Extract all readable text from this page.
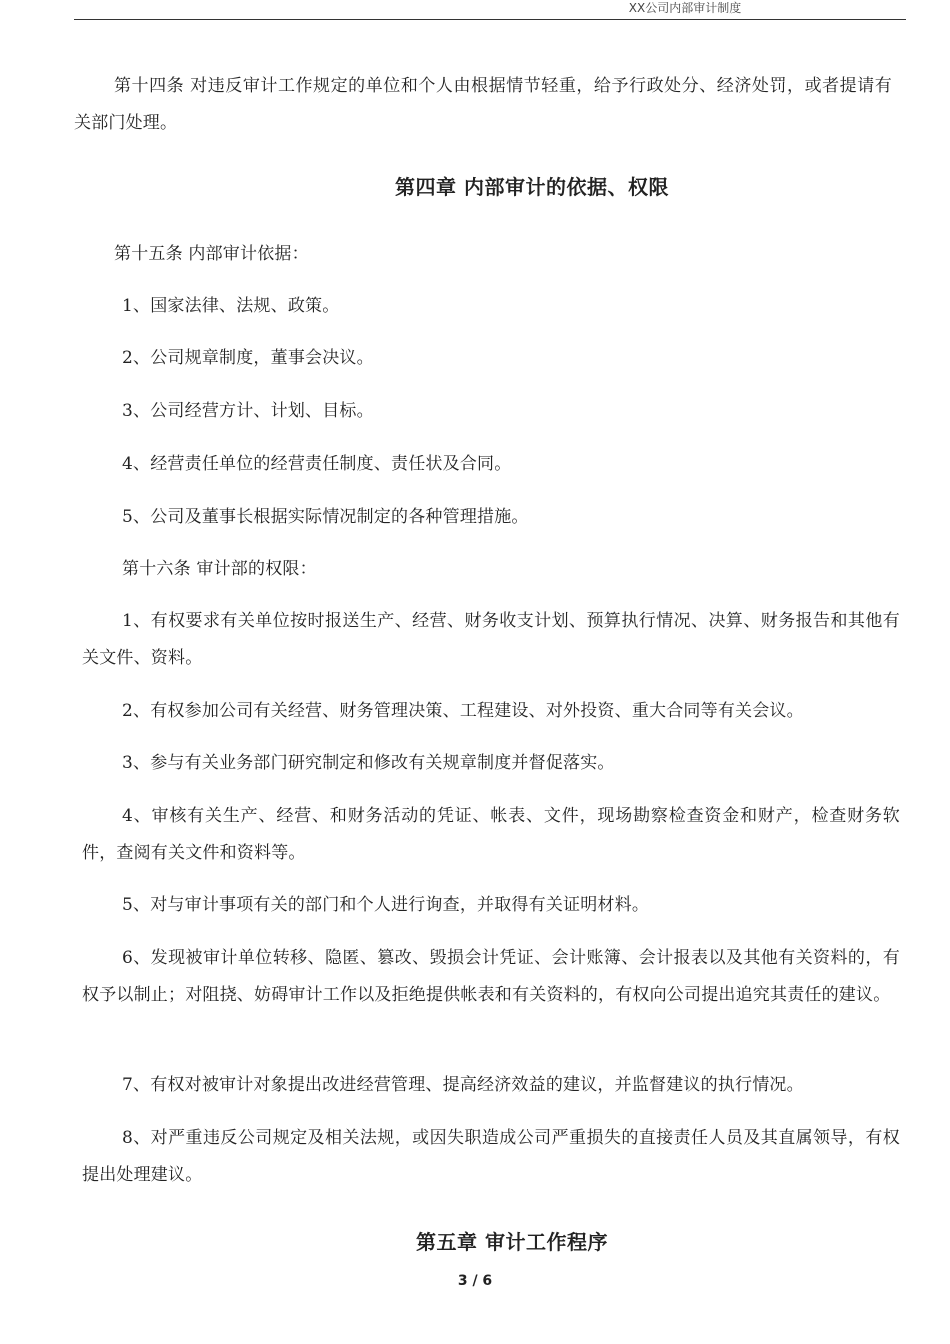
XX公司内部审计制度

第十四条 对违反审计工作规定的单位和个人由根据情节轻重，给予行政处分、经济处罚，或者提请有关部门处理。

第四章 内部审计的依据、权限

第十五条 内部审计依据：

1、国家法律、法规、政策。

2、公司规章制度，董事会决议。

3、公司经营方计、计划、目标。

4、经营责任单位的经营责任制度、责任状及合同。

5、公司及董事长根据实际情况制定的各种管理措施。

第十六条 审计部的权限：

1、有权要求有关单位按时报送生产、经营、财务收支计划、预算执行情况、决算、财务报告和其他有关文件、资料。

2、有权参加公司有关经营、财务管理决策、工程建设、对外投资、重大合同等有关会议。

3、参与有关业务部门研究制定和修改有关规章制度并督促落实。

4、审核有关生产、经营、和财务活动的凭证、帐表、文件，现场勘察检查资金和财产，检查财务软件，查阅有关文件和资料等。

5、对与审计事项有关的部门和个人进行询查，并取得有关证明材料。

6、发现被审计单位转移、隐匿、篡改、毁损会计凭证、会计账簿、会计报表以及其他有关资料的，有权予以制止；对阻挠、妨碍审计工作以及拒绝提供帐表和有关资料的，有权向公司提出追究其责任的建议。

7、有权对被审计对象提出改进经营管理、提高经济效益的建议，并监督建议的执行情况。

8、对严重违反公司规定及相关法规，或因失职造成公司严重损失的直接责任人员及其直属领导，有权提出处理建议。

第五章 审计工作程序
3 / 6
